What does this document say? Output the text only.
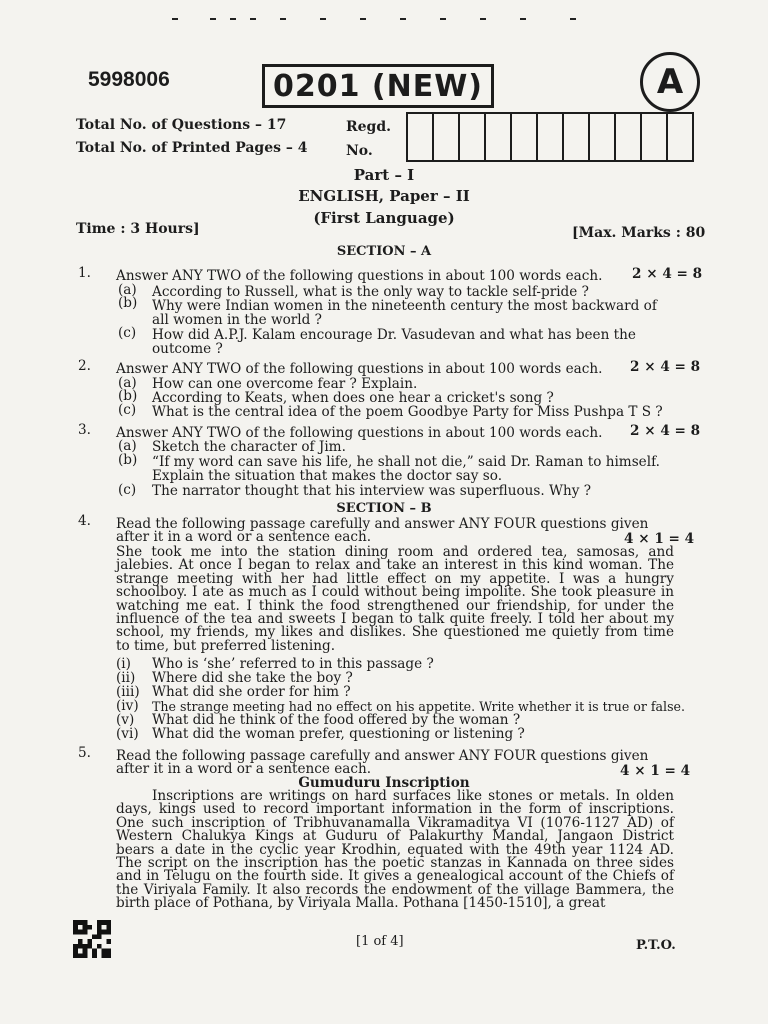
5998006	0201 (NEW)	A
Total No. of Questions – 17
Total No. of Printed Pages – 4
Regd.
No.
Part – I
ENGLISH, Paper – II
(First Language)
Time : 3 Hours]	[Max. Marks : 80
SECTION – A
1. Answer ANY TWO of the following questions in about 100 words each. 2 × 4 = 8
(a) According to Russell, what is the only way to tackle self-pride ?
(b) Why were Indian women in the nineteenth century the most backward of
all women in the world ?
(c) How did A.P.J. Kalam encourage Dr. Vasudevan and what has been the
outcome ?
2. Answer ANY TWO of the following questions in about 100 words each. 2 × 4 = 8
(a) How can one overcome fear ? Explain.
(b) According to Keats, when does one hear a cricket's song ?
(c) What is the central idea of the poem Goodbye Party for Miss Pushpa T S ?
3. Answer ANY TWO of the following questions in about 100 words each. 2 × 4 = 8
(a) Sketch the character of Jim.
(b) “If my word can save his life, he shall not die,” said Dr. Raman to himself.
Explain the situation that makes the doctor say so.
(c) The narrator thought that his interview was superfluous. Why ?
SECTION – B
4. Read the following passage carefully and answer ANY FOUR questions given
after it in a word or a sentence each.	4 × 1 = 4
She took me into the station dining room and ordered tea, samosas, and jalebies. At once I began to relax and take an interest in this kind woman. The strange meeting with her had little effect on my appetite. I was a hungry schoolboy. I ate as much as I could without being impolite. She took pleasure in watching me eat. I think the food strengthened our friendship, for under the influence of the tea and sweets I began to talk quite freely. I told her about my school, my friends, my likes and dislikes. She questioned me quietly from time to time, but preferred listening.
(i) Who is ‘she’ referred to in this passage ?
(ii) Where did she take the boy ?
(iii) What did she order for him ?
(iv) The strange meeting had no effect on his appetite. Write whether it is true or false.
(v) What did he think of the food offered by the woman ?
(vi) What did the woman prefer, questioning or listening ?
5. Read the following passage carefully and answer ANY FOUR questions given
after it in a word or a sentence each.	4 × 1 = 4
Gumuduru Inscription
Inscriptions are writings on hard surfaces like stones or metals. In olden days, kings used to record important information in the form of inscriptions. One such inscription of Tribhuvanamalla Vikramaditya VI (1076-1127 AD) of Western Chalukya Kings at Guduru of Palakurthy Mandal, Jangaon District bears a date in the cyclic year Krodhin, equated with the 49th year 1124 AD. The script on the inscription has the poetic stanzas in Kannada on three sides and in Telugu on the fourth side. It gives a genealogical account of the Chiefs of the Viriyala Family. It also records the endowment of the village Bammera, the birth place of Pothana, by Viriyala Malla. Pothana [1450-1510], a great
[1 of 4]	P.T.O.
